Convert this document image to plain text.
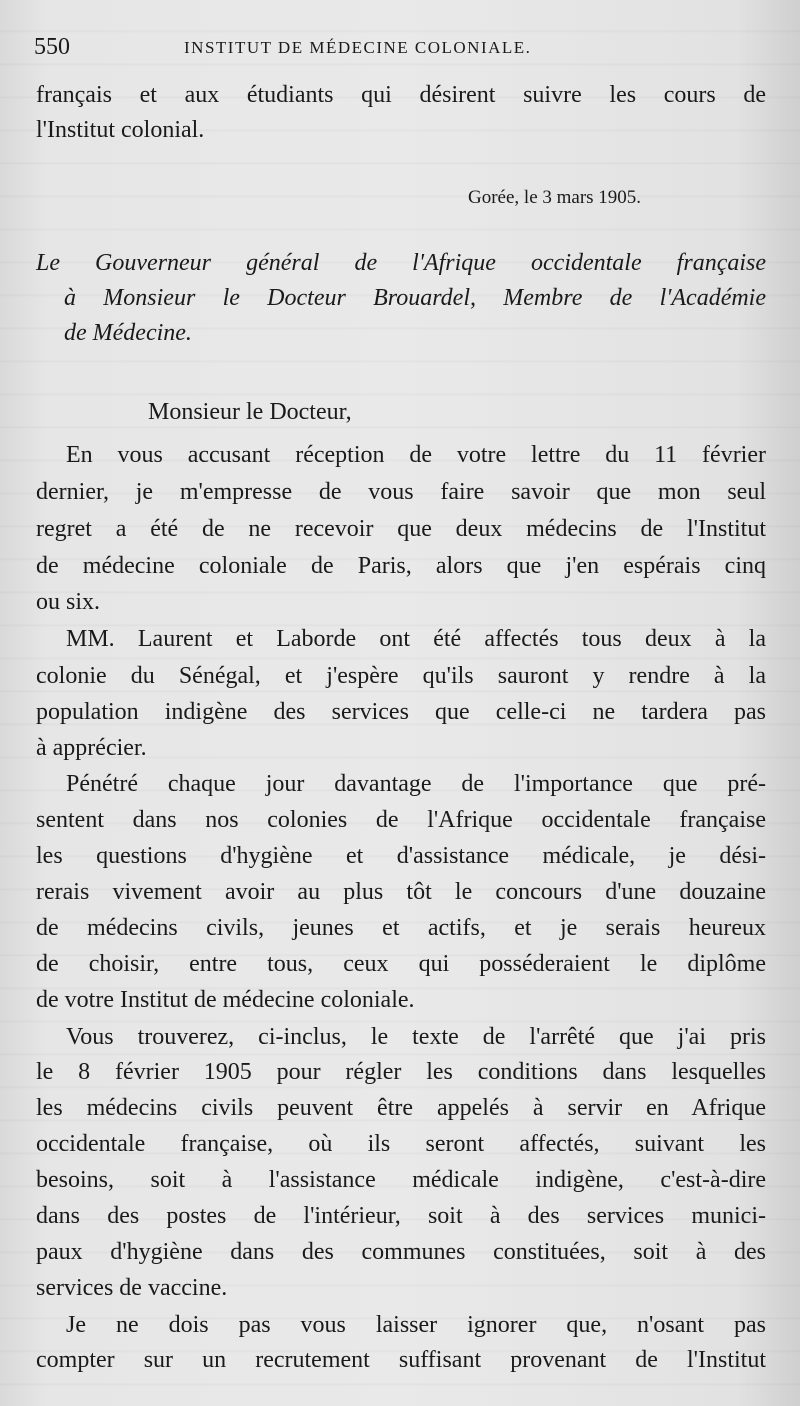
550	INSTITUT DE MÉDECINE COLONIALE.
français et aux étudiants qui désirent suivre les cours de
l'Institut colonial.
Gorée, le 3 mars 1905.
Le Gouverneur général de l'Afrique occidentale française
à Monsieur le Docteur Brouardel, Membre de l'Académie
de Médecine.
Monsieur le Docteur,
En vous accusant réception de votre lettre du 11 février
dernier, je m'empresse de vous faire savoir que mon seul
regret a été de ne recevoir que deux médecins de l'Institut
de médecine coloniale de Paris, alors que j'en espérais cinq
ou six.
MM. Laurent et Laborde ont été affectés tous deux à la
colonie du Sénégal, et j'espère qu'ils sauront y rendre à la
population indigène des services que celle-ci ne tardera pas
à apprécier.
Pénétré chaque jour davantage de l'importance que pré-
sentent dans nos colonies de l'Afrique occidentale française
les questions d'hygiène et d'assistance médicale, je dési-
rerais vivement avoir au plus tôt le concours d'une douzaine
de médecins civils, jeunes et actifs, et je serais heureux
de choisir, entre tous, ceux qui posséderaient le diplôme
de votre Institut de médecine coloniale.
Vous trouverez, ci-inclus, le texte de l'arrêté que j'ai pris
le 8 février 1905 pour régler les conditions dans lesquelles
les médecins civils peuvent être appelés à servir en Afrique
occidentale française, où ils seront affectés, suivant les
besoins, soit à l'assistance médicale indigène, c'est-à-dire
dans des postes de l'intérieur, soit à des services munici-
paux d'hygiène dans des communes constituées, soit à des
services de vaccine.
Je ne dois pas vous laisser ignorer que, n'osant pas
compter sur un recrutement suffisant provenant de l'Institut
